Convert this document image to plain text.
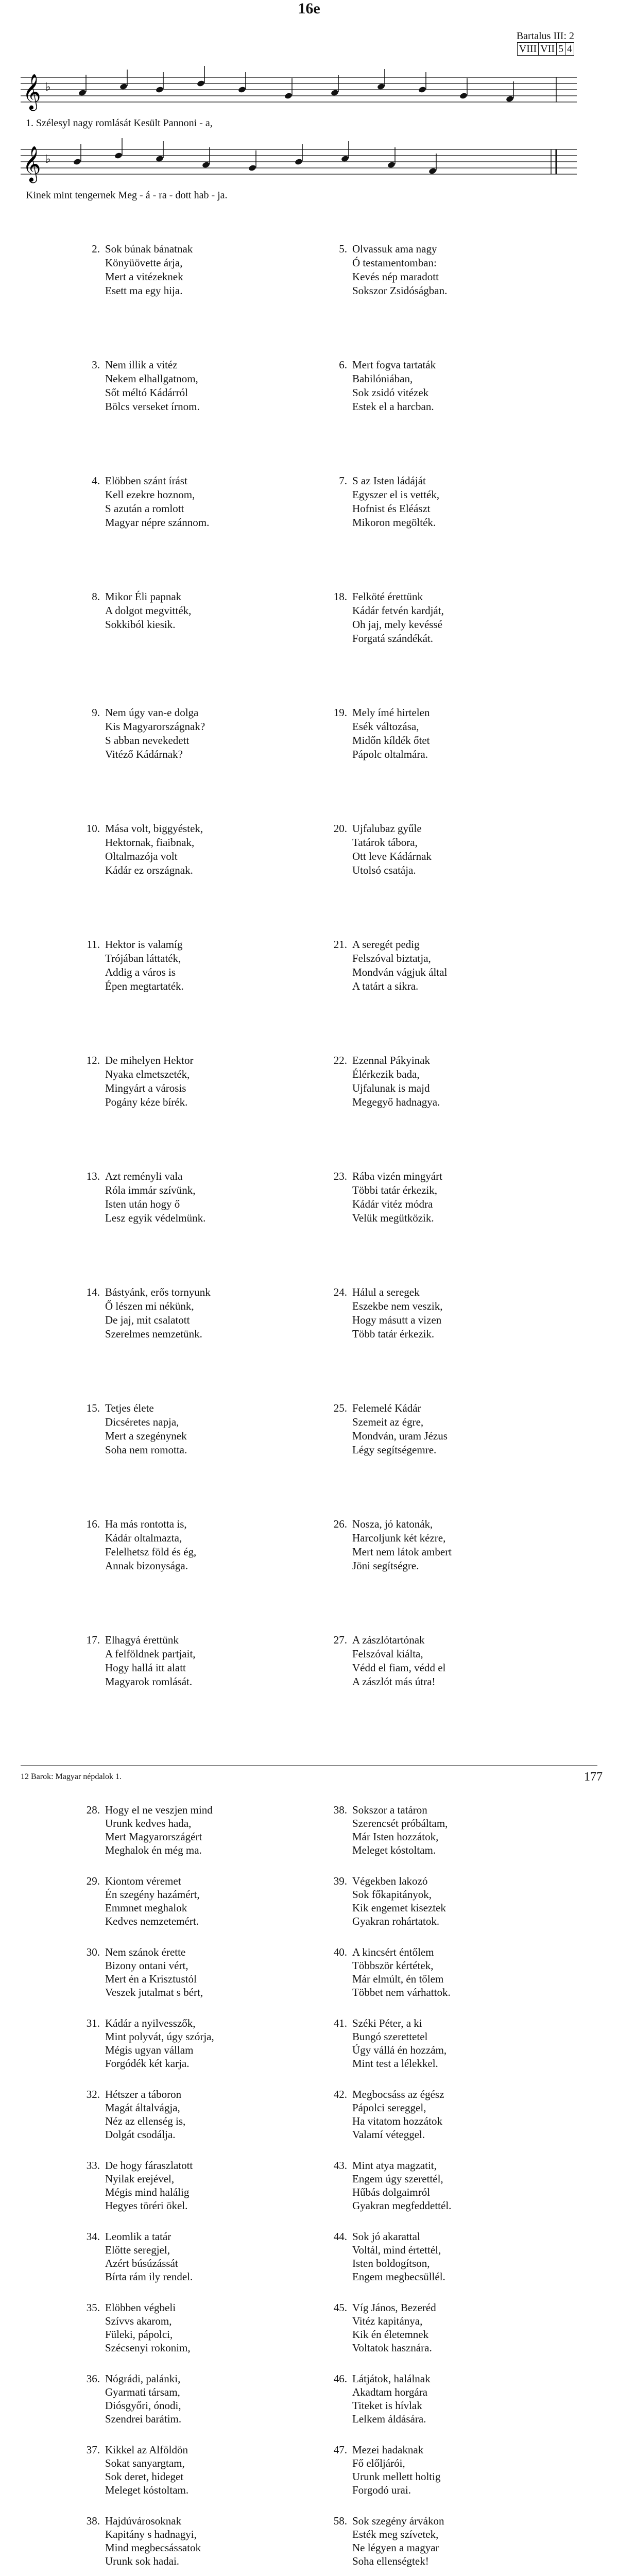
16e
Bartalus III: 2
VIII VII 5 4
𝄞 ♭
𝄞 ♭
1. Szélesyl nagy romlását Kesült Pannoni - a,
Kinek mint tengernek Meg - á - ra - dott hab - ja.
2. Sok búnak bánatnak
Könyüövette árja,
Mert a vitézeknek
Esett ma egy hija.
3. Nem illik a vitéz
Nekem elhallgatnom,
Sőt méltó Kádárról
Bölcs verseket írnom.
4. Elöbben szánt írást
Kell ezekre hoznom,
S azután a romlott
Magyar népre szánnom.
8. Mikor Éli papnak
A dolgot megvitték,
Sokkiból kiesik.
9. Nem úgy van-e dolga
Kis Magyarországnak?
S abban nevekedett
Vitéző Kádárnak?
10. Mása volt, biggyéstek,
Hektornak, fiaibnak,
Oltalmazója volt
Kádár ez országnak.
11. Hektor is valamíg
Trójában láttaték,
Addig a város is
Épen megtartaték.
12. De mihelyen Hektor
Nyaka elmetszeték,
Mingyárt a városis
Pogány kéze bírék.
13. Azt reményli vala
Róla immár szívünk,
Isten után hogy ő
Lesz egyik védelmünk.
14. Bástyánk, erős tornyunk
Ő lészen mi nékünk,
De jaj, mit csalatott
Szerelmes nemzetünk.
15. Tetjes élete
Dicséretes napja,
Mert a szegénynek
Soha nem romotta.
16. Ha más rontotta is,
Kádár oltalmazta,
Felelhetsz föld és ég,
Annak bizonysága.
17. Elhagyá érettünk
A felföldnek partjait,
Hogy hallá itt alatt
Magyarok romlását.
5. Olvassuk ama nagy
Ó testamentomban:
Kevés nép maradott
Sokszor Zsidóságban.
6. Mert fogva tartaták
Babilóniában,
Sok zsidó vitézek
Estek el a harcban.
7. S az Isten ládáját
Egyszer el is vették,
Hofnist és Eléászt
Mikoron megölték.
18. Felköté érettünk
Kádár fetvén kardját,
Oh jaj, mely kevéssé
Forgatá szándékát.
19. Mely ímé hirtelen
Esék változása,
Midőn kíldék őtet
Pápolc oltalmára.
20. Ujfalubaz gyűle
Tatárok tábora,
Ott leve Kádárnak
Utolsó csatája.
21. A seregét pedig
Felszóval biztatja,
Mondván vágjuk által
A tatárt a sikra.
22. Ezennal Pákyinak
Élérkezik bada,
Ujfalunak is majd
Megegyő hadnagya.
23. Rába vizén mingyárt
Többi tatár érkezik,
Kádár vitéz módra
Velük megütközik.
24. Hálul a seregek
Eszekbe nem veszik,
Hogy másutt a vizen
Több tatár érkezik.
25. Felemelé Kádár
Szemeit az égre,
Mondván, uram Jézus
Légy segítségemre.
26. Nosza, jó katonák,
Harcoljunk két kézre,
Mert nem látok ambert
Jöni segítségre.
27. A zászlótartónak
Felszóval kiálta,
Védd el fiam, védd el
A zászlót más útra!
12 Barok: Magyar népdalok 1.	177
28. Hogy el ne veszjen mind
Urunk kedves hada,
Mert Magyarországért
Meghalok én még ma.
29. Kiontom véremet
Én szegény hazámért,
Emmnet meghalok
Kedves nemzetemért.
30. Nem szánok érette
Bizony ontani vért,
Mert én a Krisztustól
Veszek jutalmat s bért,
31. Kádár a nyilvesszők,
Mint polyvát, úgy szórja,
Mégis ugyan vállam
Forgódék két karja.
32. Hétszer a táboron
Magát általvágja,
Néz az ellenség is,
Dolgát csodálja.
33. De hogy fáraszlatott
Nyilak erejével,
Mégis mind halálig
Hegyes töréri ökel.
34. Leomlik a tatár
Előtte seregjel,
Azért búsúzássát
Bírta rám ily rendel.
35. Elöbben végbeli
Szívvs akarom,
Füleki, pápolci,
Szécsenyi rokonim,
36. Nógrádi, palánki,
Gyarmati társam,
Diósgyőri, ónodi,
Szendrei barátim.
37. Kikkel az Alföldön
Sokat sanyargtam,
Sok deret, hideget
Meleget kóstoltam.
38. Hajdúvárosoknak
Kapitány s hadnagyi,
Mind megbecsássatok
Urunk sok hadai.
38. Sokszor a tatáron
Szerencsét próbáltam,
Már Isten hozzátok,
Meleget kóstoltam.
39. Végekben lakozó
Sok főkapitányok,
Kik engemet kiseztek
Gyakran rohártatok.
40. A kincsért éntőlem
Többször kértétek,
Már elmúlt, én tőlem
Többet nem várhattok.
41. Széki Péter, a ki
Bungó szerettetel
Úgy vállá én hozzám,
Mint test a lélekkel.
42. Megbocsáss az égész
Pápolci sereggel,
Ha vitatom hozzátok
Valamí véteggel.
43. Mint atya magzatit,
Engem úgy szerettél,
Hűbás dolgaimról
Gyakran megfeddettél.
44. Sok jó akarattal
Voltál, mind értettél,
Isten boldogítson,
Engem megbecsüllél.
45. Víg János, Bezeréd
Vitéz kapitánya,
Kik én életemnek
Voltatok hasznára.
46. Látjátok, halálnak
Akadtam horgára
Titeket is hívlak
Lelkem áldására.
47. Mezei hadaknak
Fő előljárói,
Urunk mellett holtig
Forgodó urai.
58. Sok szegény árvákon
Esték meg szívetek,
Ne légyen a magyar
Soha ellenségtek!
